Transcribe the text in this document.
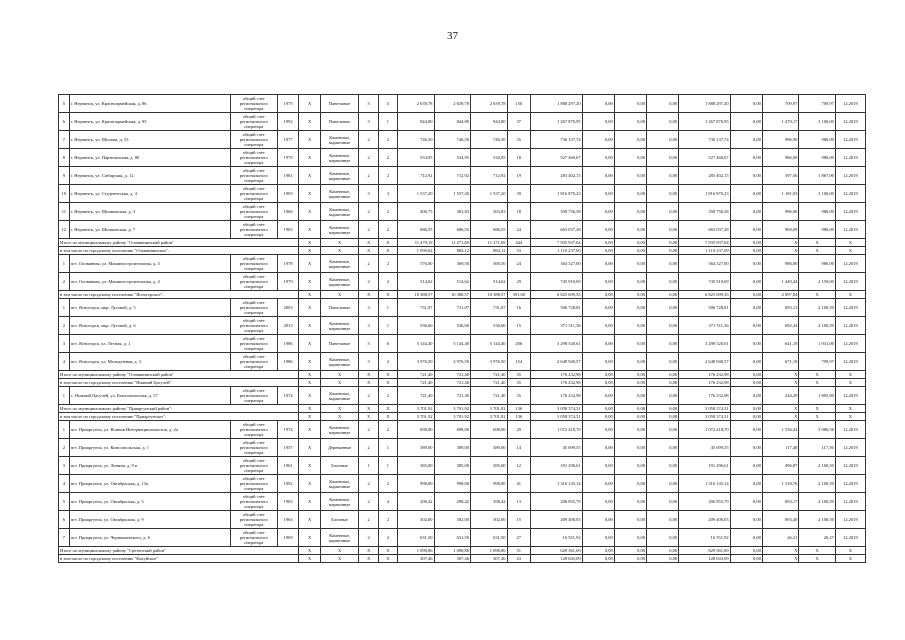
37
5	г. Нерчинск, ул. Красноармейская, д. 86	общий счет регионального оператора	1975	X	Панельные	5	3	2 639,78	2 639,78	2 639,78	150	1 888 297,20	0,00	0,00	0,00	1 888 297,20	0,00	709,97	709,97	12.2019
6	г. Нерчинск, ул. Красноармейская, д. 95	общий счет регионального оператора	1992	X	Панельные	3	1	844,80	844,80	844,80	37	1 267 870,95	0,00	0,00	0,00	1 267 870,95	0,00	1 470,17	3 100,00	12.2019
7	г. Нерчинск, ул. Шилова, д. 53	общий счет регионального оператора	1977	X	Каменные, кирпичные	2	2	746,50	746,50	746,50	35	736 137,74	0,00	0,00	0,00	736 137,74	0,00	986,90	986,00	12.2019
8	г. Нерчинск, ул. Партизанская, д. 80	общий счет регионального оператора	1979	X	Каменные, кирпичные	2	2	534,95	534,95	534,95	18	527 460,67	0,00	0,00	0,00	527 460,67	0,00	986,00	986,00	12.2019
9	г. Нерчинск, ул. Сибирская, д. 12	общий счет регионального оператора	1981	X	Каменные, кирпичные	2	2	712,92	712,92	712,92	19	283 402,15	0,00	0,00	0,00	283 402,15	0,00	397,56	1 867,00	12.2019
10	г. Нерчинск, ул. Студенческая, д. 4	общий счет регионального оператора	1993	X	Каменные, кирпичные	3	3	1 537,20	1 537,20	1 537,20	39	1 816 870,23	0,00	0,00	0,00	1 816 870,23	0,00	1 181,93	3 100,00	12.2019
11	г. Нерчинск, ул. Шилкинская, д. 3	общий счет регионального оператора	1966	X	Каменные, кирпичные	2	2	406,75	363,83	363,83	18	358 756,38	0,00	0,00	0,00	358 756,38	0,00	986,00	986,00	12.2019
12	г. Нерчинск, ул. Шилкинская, д. 7	общий счет регионального оператора	1965	X	Каменные, кирпичные	2	2	686,55	686,55	686,55	24	663 037,28	0,00	0,00	0,00	663 037,28	0,00	969,09	986,00	12.2019
Итого по муниципальному району "Оловяннинский район"				X	X	X	X	11 479,19	11 271,69	11 271,69	444	7 935 937,04	0,00	0,00	0,00	7 935 937,04	0,00	X	X	X
в том числе по городскому поселению "Оловяннинское":				X	X	X	X	1 090,62	884,12	884,12	53	1 110 237,69	0,00	0,00	0,00	1 110 237,69	0,00	X	X	X
1	пгт. Оловянная, ул. Машиностроительная, д. 3	общий счет регионального оператора	1978	X	Каменные, кирпичные	2	2	576,00	369,50	369,50	24	364 327,00	0,00	0,00	0,00	364 327,00	0,00	986,00	986,00	12.2019
2	пгт. Оловянная, ул. Машиностроительная, д. 4	общий счет регионального оператора	1979	X	Каменные, кирпичные	2	2	514,62	514,62	514,62	29	745 910,69	0,00	0,00	0,00	745 910,69	0,00	1 449,44	2 159,00	12.2019
в том числе по городскому поселению "Ясногорское":				X	X	X	X	10 388,57	10 388,57	10 388,57	391,00	6 825 699,35	0,00	0,00	0,00	6 825 699,35	0,00	2 097,84	X	X
1	пгт. Ясногорск, мкр. Луговой, д. 5	общий счет регионального оператора	2003	X	Панельные	3	1	731,07	731,07	731,07	16	506 728,81	0,00	0,00	0,00	506 728,81	0,00	693,13	2 100,50	12.2019
2	пгт. Ясногорск, мкр. Луговой, д. 6	общий счет регионального оператора	2013	X	Каменные, кирпичные	3	1	536,60	536,60	536,60	15	371 511,36	0,00	0,00	0,00	371 511,36	0,00	692,34	2 100,50	12.2019
3	пгт. Ясногорск, ул. Лесная, д. 1	общий счет регионального оператора	1986	X	Панельные	5	6	5 144,40	5 144,40	5 144,40	206	3 298 520,61	0,00	0,00	0,00	3 298 520,61	0,00	641,19	1 941,00	12.2019
4	пгт. Ясногорск, ул. Молодежная, д. 3	общий счет регионального оператора	1986	X	Каменные, кирпичные	3	2	3 976,50	3 976,50	3 976,50	154	2 648 940,57	0,00	0,00	0,00	2 648 940,57	0,00	671,18	799,97	12.2019
Итого по муниципальному району "Оловяннинский район"				X	X	X	X	721,40	721,40	721,40	35	176 232,98	0,00	0,00	0,00	176 232,98	0,00	X	X	X
в том числе по городскому поселению "Нижний Цасучей":				X	X	X	X	721,40	721,40	721,40	35	176 232,98	0,00	0,00	0,00	176 232,98	0,00	X	X	X
1	с. Нижний Цасучей, ул. Комсомольская, д. 57	общий счет регионального оператора	1974	X	Каменные, кирпичные	2	2	721,40	721,40	721,40	35	176 232,98	0,00	0,00	0,00	176 232,98	0,00	244,29	1 805,80	12.2019
Итого по муниципальному району "Приаргунский район":				X	X	X	X	3 701,92	3 701,92	3 701,92	136	3 058 374,31	0,00	0,00	0,00	3 058 374,31	0,00	X	X	X
в том числе по городскому поселению "Приаргунское":				X	X	X	X	3 701,92	3 701,92	3 701,92	136	3 058 374,31	0,00	0,00	0,00	3 058 374,31	0,00	X	X	X
1	пгт. Приаргунск, ул. Воинов Интернационалистов, д. 2а	общий счет регионального оператора	1974	X	Каменные, кирпичные	2	2	698,00	698,00	698,00	29	1 072 418,70	0,00	0,00	0,00	1 072 418,70	0,00	1 536,42	3 086,56	12.2019
2	пгт. Приаргунск, ул. Комсомольская, д. 1	общий счет регионального оператора	1957	X	Деревянные	2	1	389,00	389,00	389,00	14	45 699,55	0,00	0,00	0,00	45 699,55	0,00	117,48	117,56	12.2019
3	пгт. Приаргунск, ул. Ленина, д. 9 в	общий счет регионального оператора	1961	X	Блочные	1	1	385,00	385,00	385,00	12	191 296,61	0,00	0,00	0,00	191 296,61	0,00	496,87	2 100,50	12.2019
4	пгт. Приаргунск, ул. Октябрьская, д. 13а	общий счет регионального оператора	1992	X	Каменные, кирпичные	2	2	998,00	998,00	998,00	41	1 316 145,14	0,00	0,00	0,00	1 316 145,14	0,00	1 318,76	2 100,50	12.2019
5	пгт. Приаргунск, ул. Октябрьская, д. 5	общий счет регионального оператора	1965	X	Каменные, кирпичные	2	4	298,42	298,42	298,42	13	206 855,79	0,00	0,00	0,00	206 855,79	0,00	693,17	2 100,50	12.2019
6	пгт. Приаргунск, ул. Октябрьская, д. 9	общий счет регионального оператора	1963	X	Блочные	2	2	302,00	302,00	302,00	15	209 400,03	0,00	0,00	0,00	209 400,03	0,00	693,40	2 100,50	12.2019
7	пгт. Приаргунск, ул. Чернышевского, д. 6	общий счет регионального оператора	1969	X	Каменные, кирпичные	2	2	631,50	631,50	631,50	27	16 551,92	0,00	0,00	0,00	16 551,92	0,00	26,21	26,27	12.2019
Итого по муниципальному району "Сретенский район"				X	X	X	X	1 098,86	1 098,86	1 098,86	51	629 361,69	0,00	0,00	0,00	629 361,69	0,00	X	X	X
в том числе по городскому поселению "Кокуйское"				X	X	X	X	307,46	307,46	307,46	23	128 043,09	0,00	0,00	0,00	128 043,09	0,00	X	X	X
